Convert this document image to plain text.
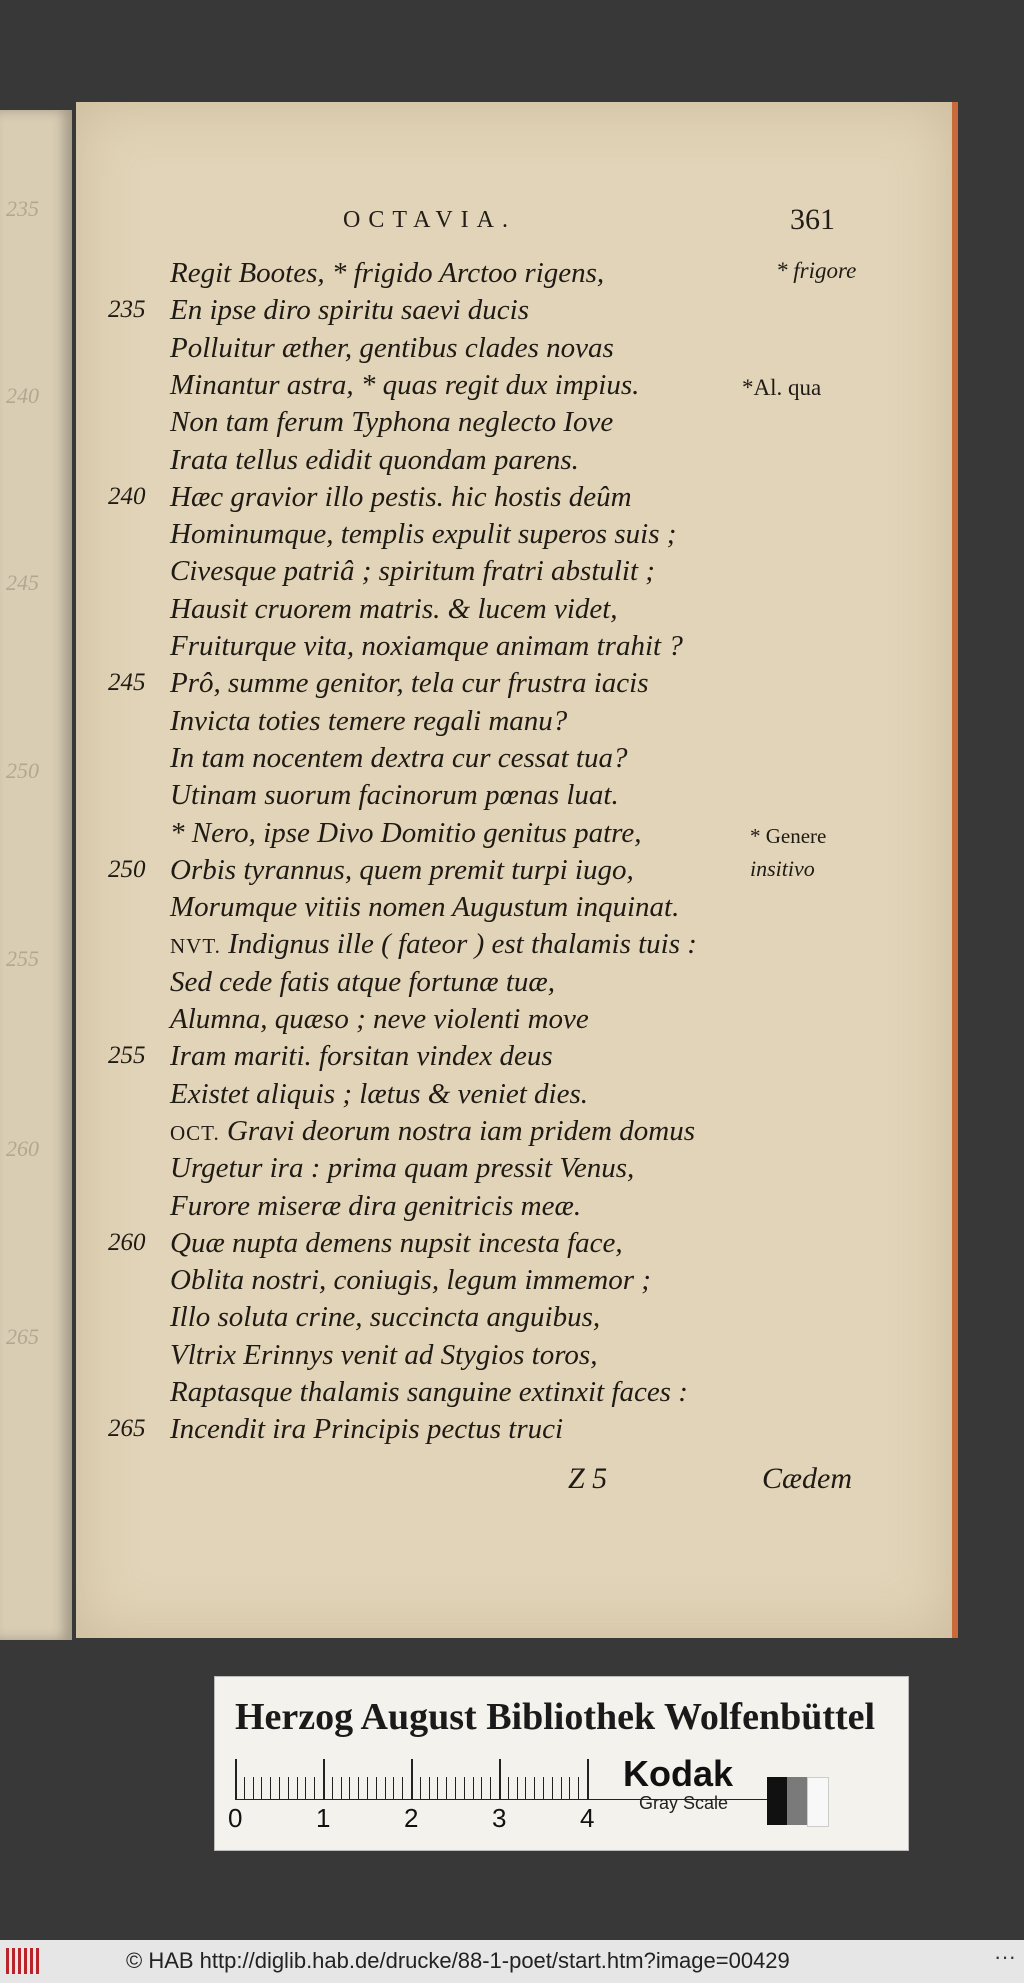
235
240
245
250
255
260
265
OCTAVIA.	361
Regit Bootes, * frigido Arctoo rigens,
235 En ipse diro spiritu saevi ducis
Polluitur æther, gentibus clades novas
Minantur astra, * quas regit dux impius.
Non tam ferum Typhona neglecto Iove
Irata tellus edidit quondam parens.
240 Hæc gravior illo pestis. hic hostis deûm
Hominumque, templis expulit superos suis ;
Civesque patriâ ; spiritum fratri abstulit ;
Hausit cruorem matris. & lucem videt,
Fruiturque vita, noxiamque animam trahit ?
245 Prô, summe genitor, tela cur frustra iacis
Invicta toties temere regali manu?
In tam nocentem dextra cur cessat tua?
Utinam suorum facinorum pœnas luat.
* Nero, ipse Divo Domitio genitus patre,
250 Orbis tyrannus, quem premit turpi iugo,
Morumque vitiis nomen Augustum inquinat.
NVT. Indignus ille ( fateor ) est thalamis tuis :
Sed cede fatis atque fortunæ tuæ,
Alumna, quæso ; neve violenti move
255 Iram mariti. forsitan vindex deus
Existet aliquis ; lætus & veniet dies.
OCT. Gravi deorum nostra iam pridem domus
Urgetur ira : prima quam pressit Venus,
Furore miseræ dira genitricis meæ.
260 Quæ nupta demens nupsit incesta face,
Oblita nostri, coniugis, legum immemor ;
Illo soluta crine, succincta anguibus,
Vltrix Erinnys venit ad Stygios toros,
Raptasque thalamis sanguine extinxit faces :
265 Incendit ira Principis pectus truci
* frigore
*Al. qua
* Genere
insitivo
Z 5	Cædem
Herzog August Bibliothek Wolfenbüttel
0	1	2	3	4
Kodak
Gray Scale
© HAB http://diglib.hab.de/drucke/88-1-poet/start.htm?image=00429	···
